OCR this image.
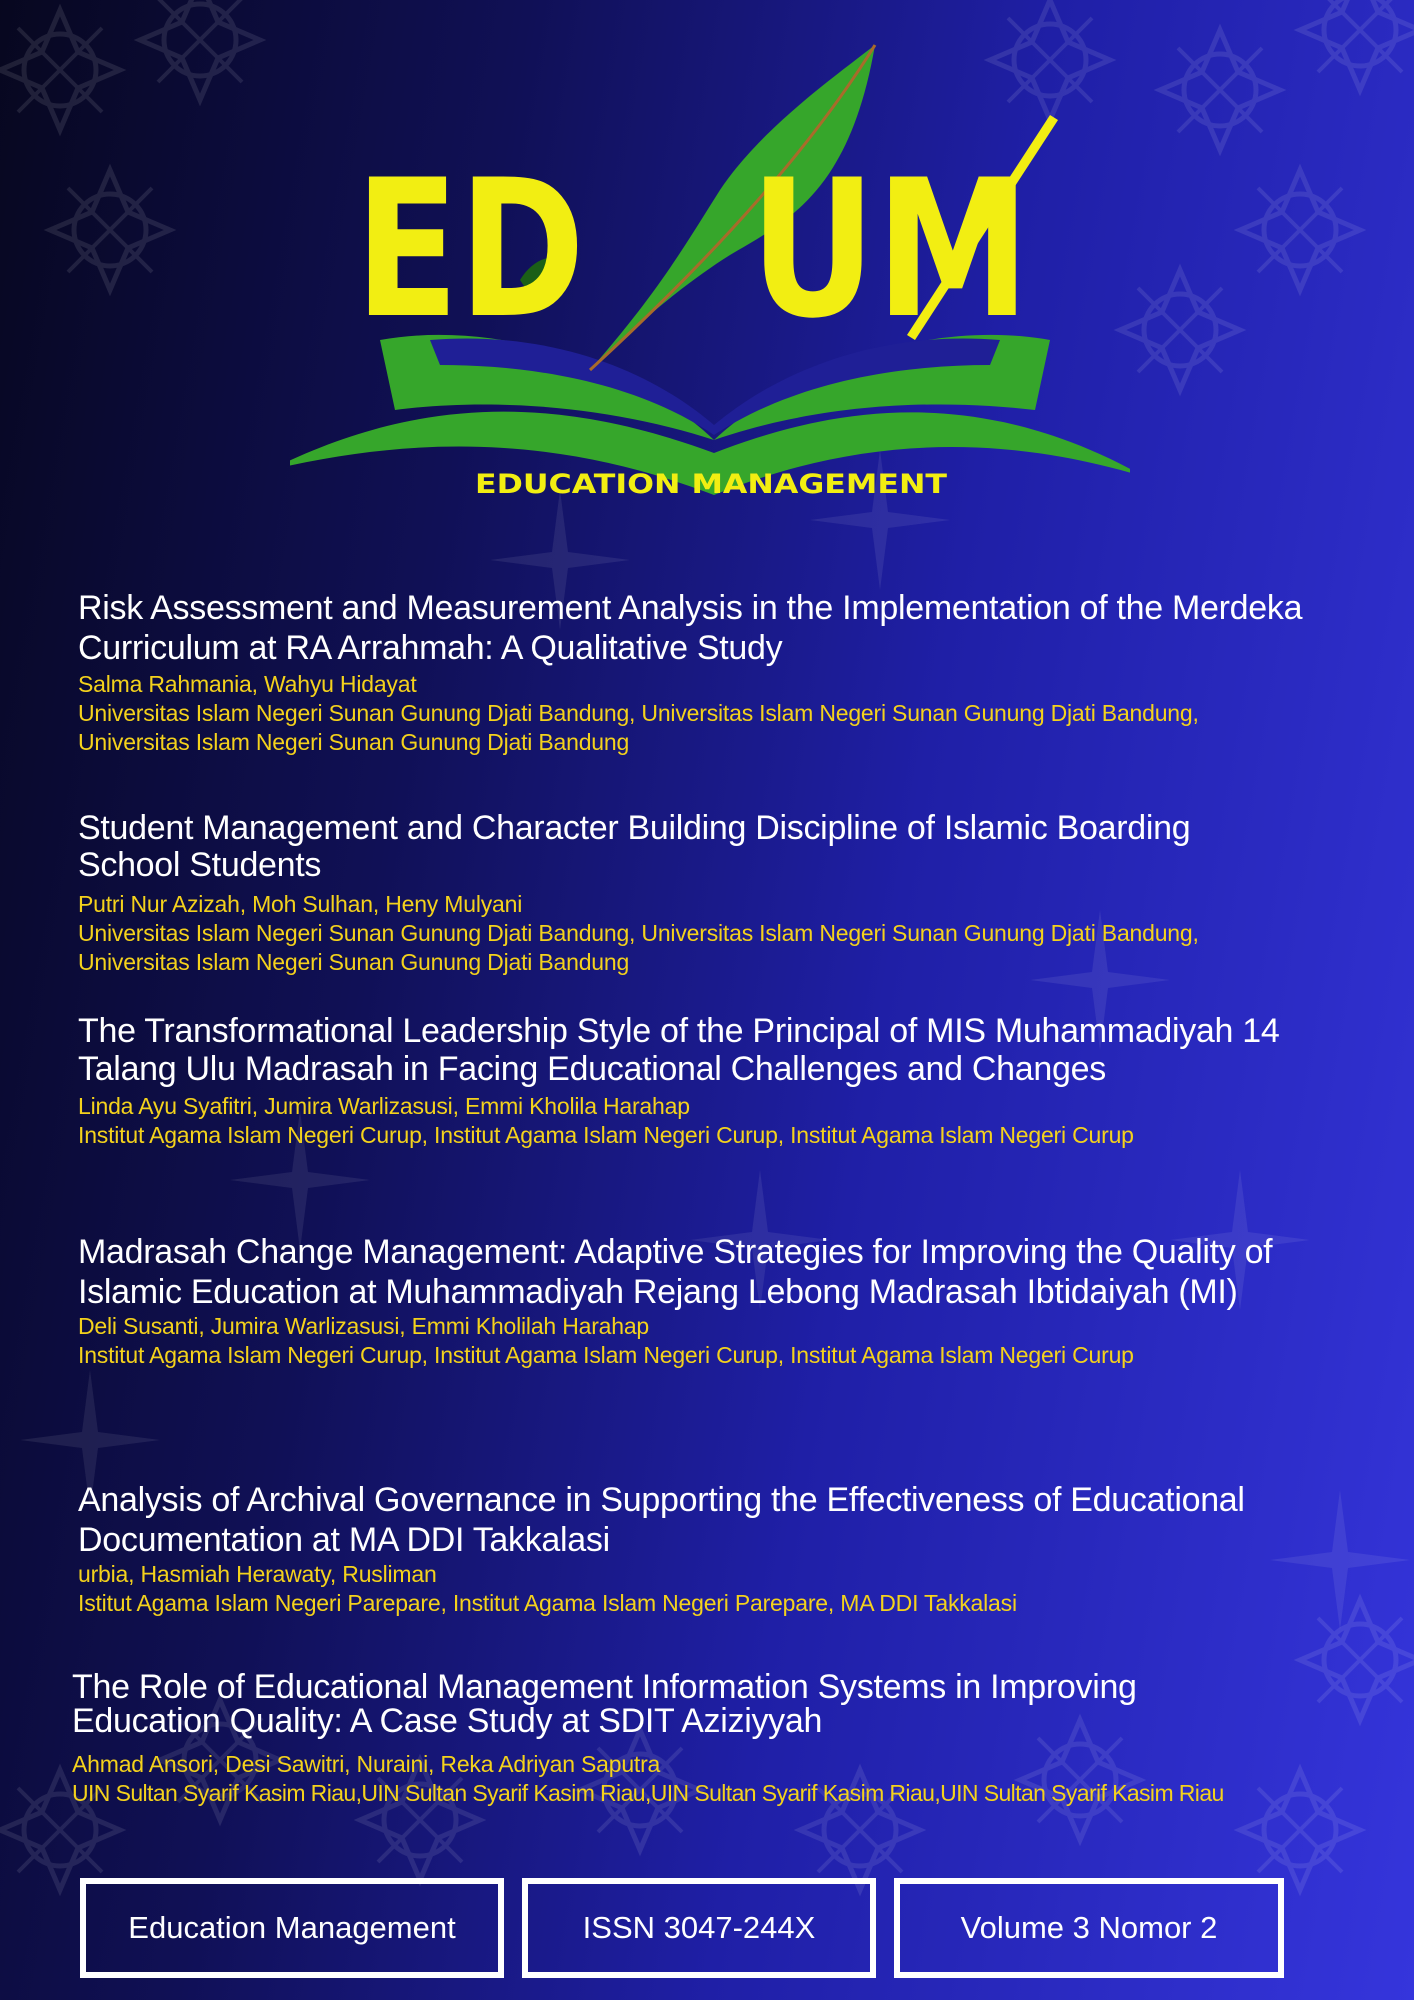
ED UM
EDUCATION MANAGEMENT
Risk Assessment and Measurement Analysis in the Implementation of the Merdeka Curriculum at RA Arrahmah: A Qualitative Study

Salma Rahmania, Wahyu Hidayat

Universitas Islam Negeri Sunan Gunung Djati Bandung, Universitas Islam Negeri Sunan Gunung Djati Bandung, Universitas Islam Negeri Sunan Gunung Djati Bandung

Student Management and Character Building Discipline of Islamic Boarding School Students

Putri Nur Azizah, Moh Sulhan, Heny Mulyani

Universitas Islam Negeri Sunan Gunung Djati Bandung, Universitas Islam Negeri Sunan Gunung Djati Bandung, Universitas Islam Negeri Sunan Gunung Djati Bandung

The Transformational Leadership Style of the Principal of MIS Muhammadiyah 14 Talang Ulu Madrasah in Facing Educational Challenges and Changes

Linda Ayu Syafitri, Jumira Warlizasusi, Emmi Kholila Harahap

Institut Agama Islam Negeri Curup, Institut Agama Islam Negeri Curup, Institut Agama Islam Negeri Curup

Madrasah Change Management: Adaptive Strategies for Improving the Quality of Islamic Education at Muhammadiyah Rejang Lebong Madrasah Ibtidaiyah (MI)

Deli Susanti, Jumira Warlizasusi, Emmi Kholilah Harahap

Institut Agama Islam Negeri Curup, Institut Agama Islam Negeri Curup, Institut Agama Islam Negeri Curup

Analysis of Archival Governance in Supporting the Effectiveness of Educational Documentation at MA DDI Takkalasi

urbia, Hasmiah Herawaty, Rusliman

Istitut Agama Islam Negeri Parepare, Institut Agama Islam Negeri Parepare, MA DDI Takkalasi

The Role of Educational Management Information Systems in Improving Education Quality: A Case Study at SDIT Aziziyyah

Ahmad Ansori, Desi Sawitri, Nuraini, Reka Adriyan Saputra

UIN Sultan Syarif Kasim Riau,UIN Sultan Syarif Kasim Riau,UIN Sultan Syarif Kasim Riau,UIN Sultan Syarif Kasim Riau

Education Management	ISSN 3047-244X	Volume 3 Nomor 2
